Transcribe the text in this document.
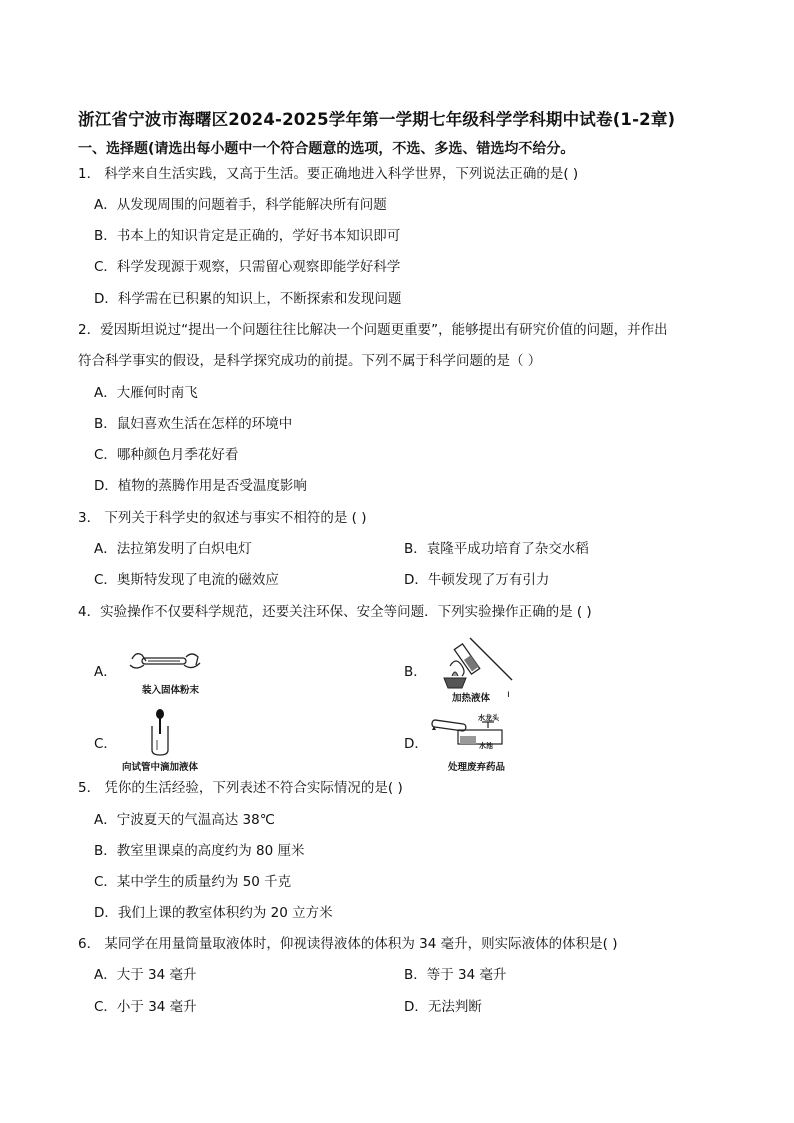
浙江省宁波市海曙区2024-2025学年第一学期七年级科学学科期中试卷(1-2章)
一、选择题(请选出每小题中一个符合题意的选项，不选、多选、错选均不给分。
1． 科学来自生活实践，又高于生活。要正确地进入科学世界，下列说法正确的是( )
A．从发现周围的问题着手，科学能解决所有问题
B．书本上的知识肯定是正确的，学好书本知识即可
C．科学发现源于观察，只需留心观察即能学好科学
D．科学需在已积累的知识上，不断探索和发现问题
2．爱因斯坦说过“提出一个问题往往比解决一个问题更重要”，能够提出有研究价值的问题，并作出
符合科学事实的假设，是科学探究成功的前提。下列不属于科学问题的是（ ）
A．大雁何时南飞
B．鼠妇喜欢生活在怎样的环境中
C．哪种颜色月季花好看
D．植物的蒸腾作用是否受温度影响
3． 下列关于科学史的叙述与事实不相符的是 ( )
A．法拉第发明了白炽电灯	B．袁隆平成功培育了杂交水稻
C．奥斯特发现了电流的磁效应	D．牛顿发现了万有引力
4．实验操作不仅要科学规范，还要关注环保、安全等问题．下列实验操作正确的是 ( )
A．
装入固体粉末
B．
加热液体 ı
C．
向试管中滴加液体
D．
水龙头
水池
处理废弃药品
5． 凭你的生活经验，下列表述不符合实际情况的是( )
A．宁波夏天的气温高达 38℃
B．教室里课桌的高度约为 80 厘米
C．某中学生的质量约为 50 千克
D．我们上课的教室体积约为 20 立方米
6． 某同学在用量筒量取液体时，仰视读得液体的体积为 34 毫升，则实际液体的体积是( )
A．大于 34 毫升	B．等于 34 毫升
C．小于 34 毫升	D．无法判断
